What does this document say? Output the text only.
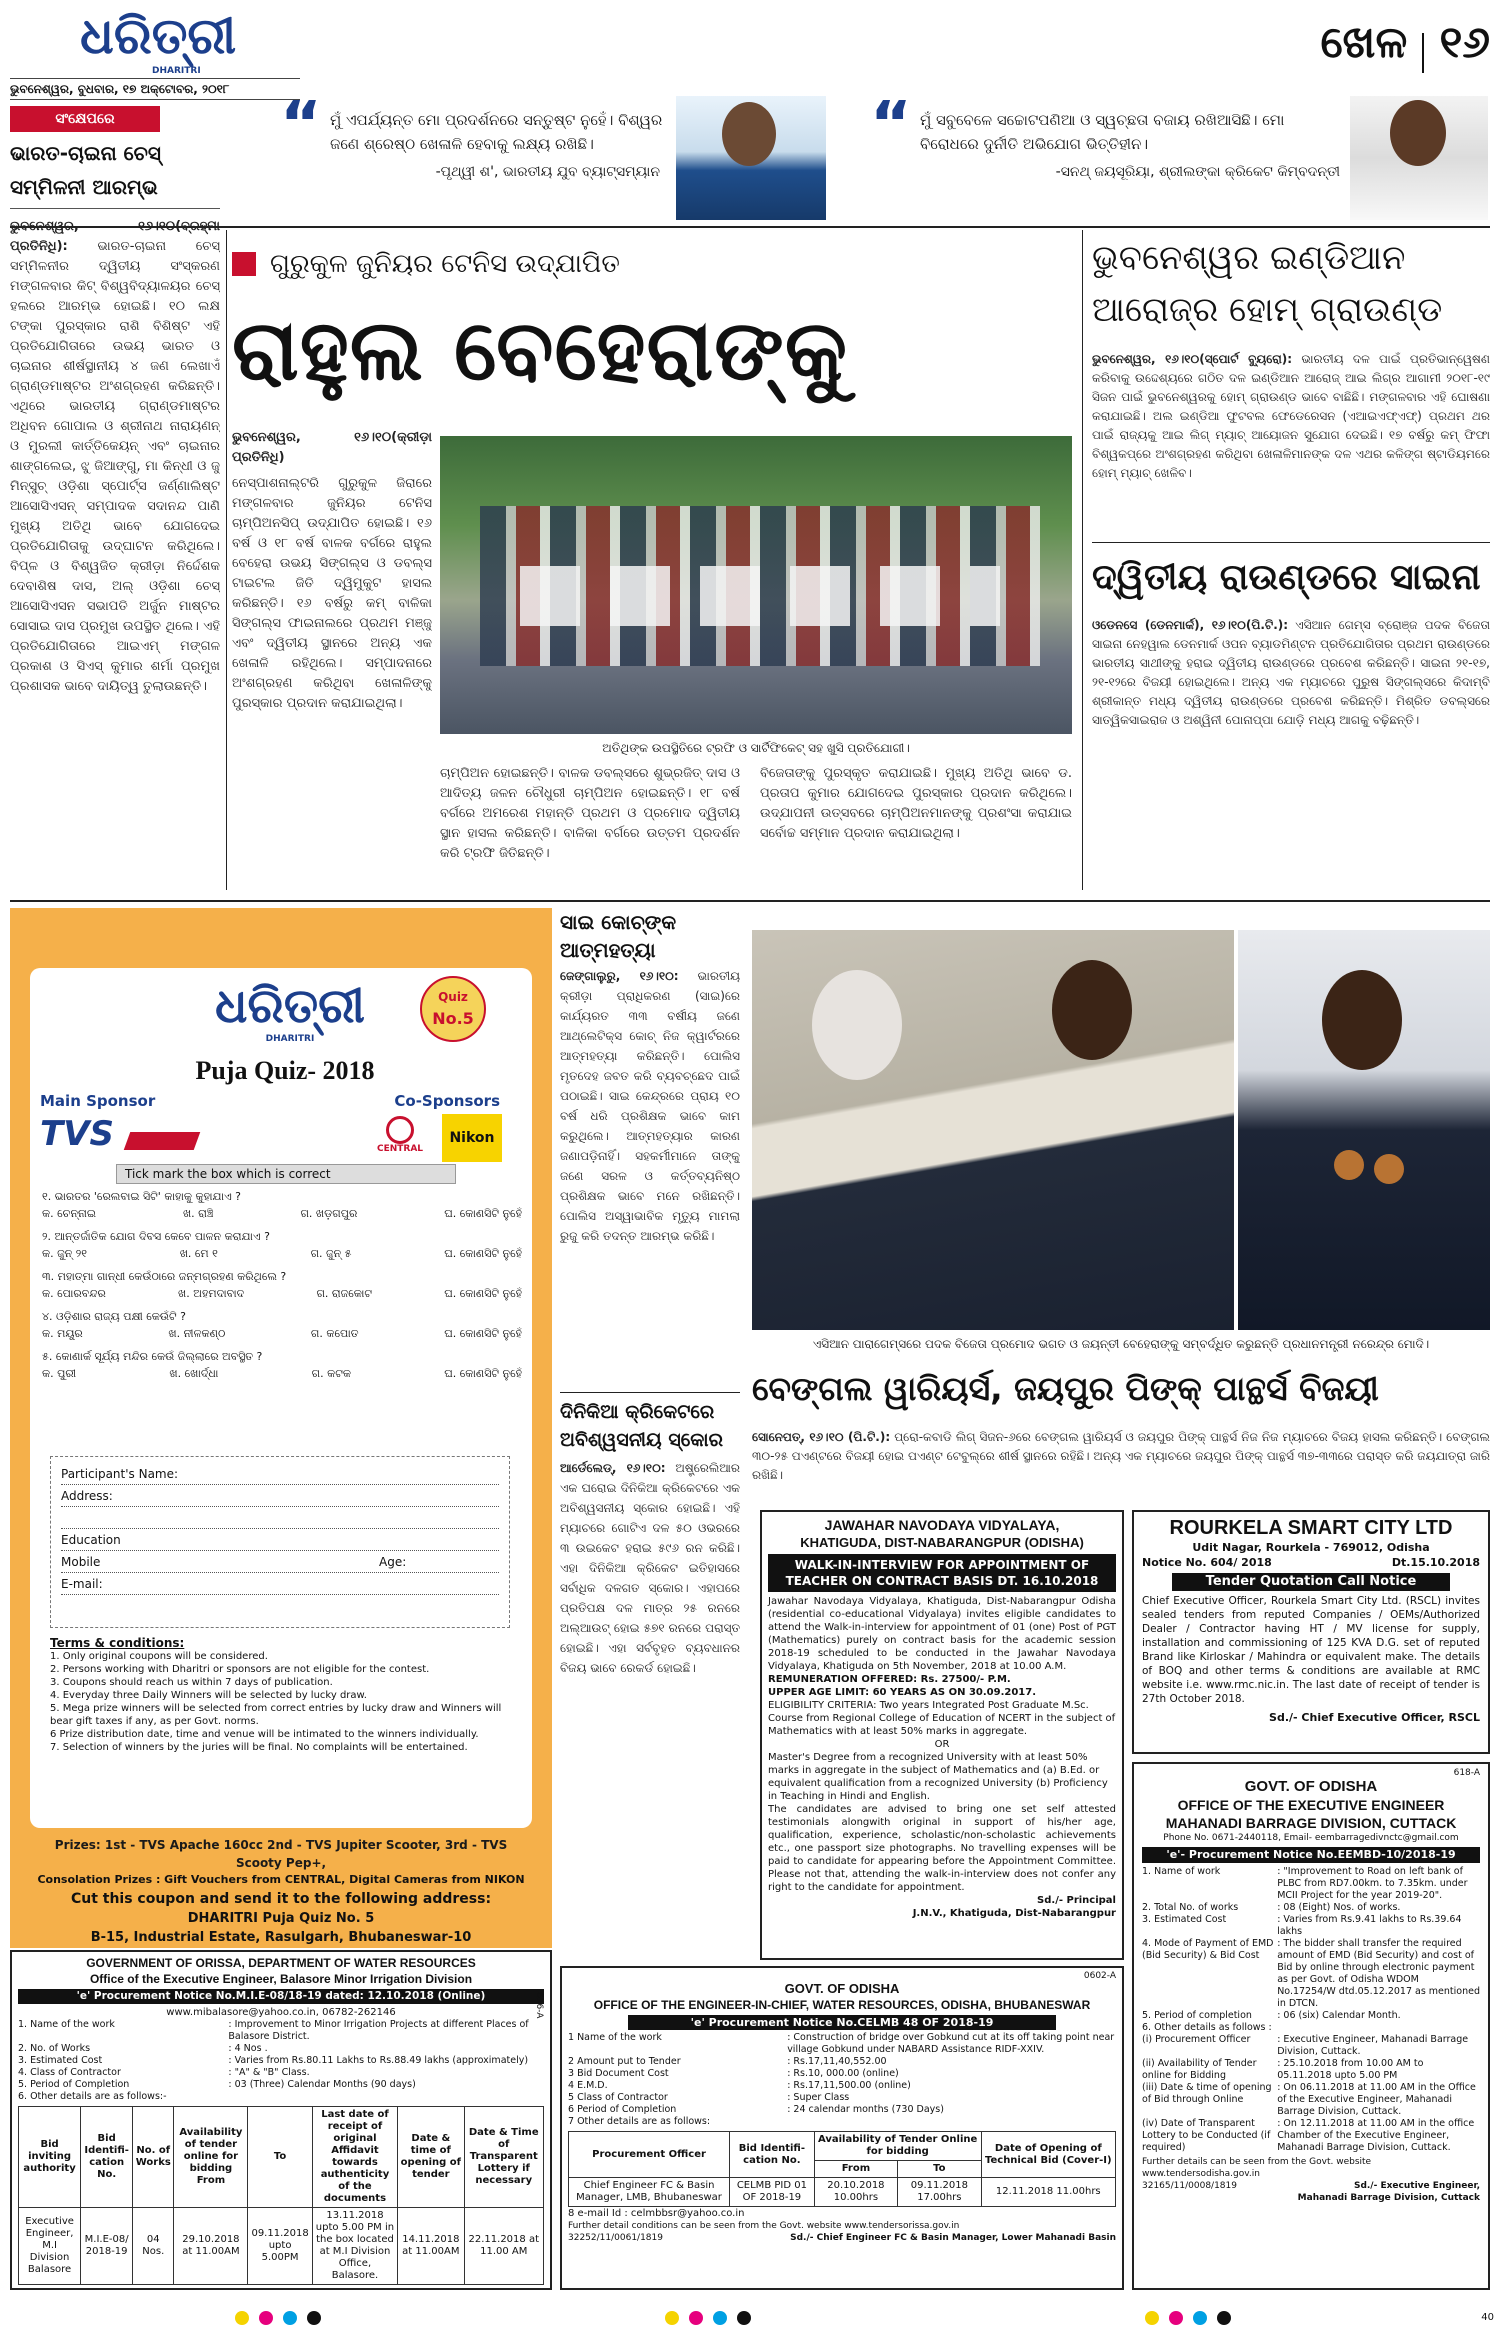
ଧରିତ୍ରୀ
DHARITRI
ଭୁବନେଶ୍ୱର, ବୁଧବାର, ୧୭ ଅକ୍ଟୋବର, ୨୦୧୮
ସଂକ୍ଷେପରେ	“ ମୁଁ ଏପର୍ଯ୍ୟନ୍ତ ମୋ ପ୍ରଦର୍ଶନରେ ସନ୍ତୁଷ୍ଟ ନୁହେଁ। ବିଶ୍ୱର ଜଣେ ଶ୍ରେଷ୍ଠ ଖେଳାଳି ହେବାକୁ ଲକ୍ଷ୍ୟ ରଖିଛି।
-ପୃଥ୍ୱୀ ଶ', ଭାରତୀୟ ଯୁବ ବ୍ୟାଟ୍ସମ୍ୟାନ
“ ମୁଁ ସବୁବେଳେ ସଚ୍ଚୋଟପଣିଆ ଓ ସ୍ୱଚ୍ଛତା ବଜାୟ ରଖିଆସିଛି। ମୋ ବିରୋଧରେ ଦୁର୍ନୀତି ଅଭିଯୋଗ ଭିତ୍ତିହୀନ।
-ସନଥ୍ ଜୟସୂରିୟା, ଶ୍ରୀଲଙ୍କା କ୍ରିକେଟ କିମ୍ବଦନ୍ତୀ
ଖେଳ ୧୬
ଭାରତ-ଚାଇନା ଚେସ୍ ସମ୍ମିଳନୀ ଆରମ୍ଭ
ଭୁବନେଶ୍ୱର, ୧୬।୧୦(ବ୍ରହ୍ମା ପ୍ରତିନିଧି): ଭାରତ-ଚାଇନା ଚେସ୍ ସମ୍ମିଳନୀର ଦ୍ୱିତୀୟ ସଂସ୍କରଣ ମଙ୍ଗଳବାର କିଟ୍ ବିଶ୍ୱବିଦ୍ୟାଳୟର ଚେସ୍ ହଲରେ ଆରମ୍ଭ ହୋଇଛି। ୧୦ ଲକ୍ଷ ଟଙ୍କା ପୁରସ୍କାର ରାଶି ବିଶିଷ୍ଟ ଏହି ପ୍ରତିଯୋଗିତାରେ ଉଭୟ ଭାରତ ଓ ଚାଇନାର ଶୀର୍ଷସ୍ଥାନୀୟ ୪ ଜଣ ଲେଖାଏଁ ଗ୍ରାଣ୍ଡମାଷ୍ଟର ଅଂଶଗ୍ରହଣ କରିଛନ୍ତି। ଏଥିରେ ଭାରତୀୟ ଗ୍ରାଣ୍ଡମାଷ୍ଟର ଅଧିବନ ଗୋପାଲ ଓ ଶ୍ରୀନାଥ ନାରାୟଣନ୍ ଓ ମୁରଲୀ କାର୍ତ୍ତିକେୟନ୍ ଏବଂ ଚାଇନାର ଶାଙ୍ଗଲେଇ, ଝୁ ଜିଆଙ୍ଗୁ, ମା କିନ୍ଧୀ ଓ ଜୁ ମିନ୍ସୁଚ୍ ଓଡ଼ିଶା ସ୍ପୋର୍ଟ୍ସ ଜର୍ଣ୍ଣାଲିଷ୍ଟ ଆସୋସିଏସନ୍ ସମ୍ପାଦକ ସଦାନନ୍ଦ ପାଣି ମୁଖ୍ୟ ଅତିଥି ଭାବେ ଯୋଗଦେଇ ପ୍ରତିଯୋଗିତାକୁ ଉଦ୍‌ଘାଟନ କରିଥିଲେ। ବିପ୍ଳ ଓ ବିଶ୍ୱଜିତ କ୍ରୀଡ଼ା ନିର୍ଦ୍ଦେଶକ ଦେବାଶିଷ ଦାସ, ଅଲ୍ ଓଡ଼ିଶା ଚେସ୍ ଆସୋସିଏସନ ସଭାପତି ଅର୍ଜୁନ ମାଷ୍ଟର ସୋସାଇ ଦାସ ପ୍ରମୁଖ ଉପସ୍ଥିତ ଥିଲେ। ଏହି ପ୍ରତିଯୋଗିତାରେ ଆଇଏମ୍ ମଙ୍ଗଳ ପ୍ରକାଶ ଓ ସିଏସ୍ କୁମାର ଶର୍ମା ପ୍ରମୁଖ ପ୍ରଶାସକ ଭାବେ ଦାୟିତ୍ୱ ତୁଲାଉଛନ୍ତି।
ଗୁରୁକୁଳ ଜୁନିୟର ଟେନିସ ଉଦ୍‌ଯାପିତ
ରାହୁଲ ବେହେରାଙ୍କୁ
ଭୁବନେଶ୍ୱର, ୧୬।୧୦(କ୍ରୀଡ଼ା ପ୍ରତିନିଧି)
ନେସ୍ପାଶନାଲ୍ଟରି ଗୁରୁକୁଳ ଜିରାରେ ମଙ୍ଗଳବାର ଜୁନିୟର ଟେନିସ ଚାମ୍ପିଅନସିପ୍ ଉଦ୍‌ଯାପିତ ହୋଇଛି। ୧୬ ବର୍ଷ ଓ ୧୮ ବର୍ଷ ବାଳକ ବର୍ଗରେ ରାହୁଲ ବେହେରା ଉଭୟ ସିଙ୍ଗଲ୍ସ ଓ ଡବଲ୍ସ ଟାଇଟଲ ଜିତି ଦ୍ୱିମୁକୁଟ ହାସଲ କରିଛନ୍ତି। ୧୬ ବର୍ଷରୁ କମ୍ ବାଳିକା ସିଙ୍ଗଲ୍ସ ଫାଇନାଲରେ ପ୍ରଥମ ମଞ୍ଜୁ ଏବଂ ଦ୍ୱିତୀୟ ସ୍ଥାନରେ ଅନ୍ୟ ଏକ ଖେଳାଳି ରହିଥିଲେ। ସମ୍ପାଦନାରେ ଅଂଶଗ୍ରହଣ କରିଥିବା ଖେଳାଳିଙ୍କୁ ପୁରସ୍କାର ପ୍ରଦାନ କରାଯାଇଥିଲା।
ଅତିଥିଙ୍କ ଉପସ୍ଥିତିରେ ଟ୍ରଫି ଓ ସାର୍ଟିଫିକେଟ୍ ସହ ଖୁସି ପ୍ରତିଯୋଗୀ।
ଚାମ୍ପିଅନ ହୋଇଛନ୍ତି। ବାଳକ ଡବଲ୍ସରେ ଶୁଭ୍ରଜିତ୍ ଦାସ ଓ ଆଦିତ୍ୟ ଜଳନ ଚୌଧୁରୀ ଚାମ୍ପିଅନ ହୋଇଛନ୍ତି। ୧୮ ବର୍ଷ ବର୍ଗରେ ଅମରେଶ ମହାନ୍ତି ପ୍ରଥମ ଓ ପ୍ରମୋଦ ଦ୍ୱିତୀୟ ସ୍ଥାନ ହାସଲ କରିଛନ୍ତି। ବାଳିକା ବର୍ଗରେ ଉତ୍ତମ ପ୍ରଦର୍ଶନ କରି ଟ୍ରଫି ଜିତିଛନ୍ତି।
ବିଜେତାଙ୍କୁ ପୁରସ୍କୃତ କରାଯାଇଛି। ମୁଖ୍ୟ ଅତିଥି ଭାବେ ଡ. ପ୍ରତାପ କୁମାର ଯୋଗଦେଇ ପୁରସ୍କାର ପ୍ରଦାନ କରିଥିଲେ। ଉଦ୍‌ଯାପନୀ ଉତ୍ସବରେ ଚାମ୍ପିଅନମାନଙ୍କୁ ପ୍ରଶଂସା କରାଯାଇ ସର୍ବୋଚ୍ଚ ସମ୍ମାନ ପ୍ରଦାନ କରାଯାଇଥିଲା।
ଭୁବନେଶ୍ୱର ଇଣ୍ଡିଆନ ଆରୋଜ୍‌ର ହୋମ୍ ଗ୍ରାଉଣ୍ଡ
ଭୁବନେଶ୍ୱର, ୧୬।୧୦(ସ୍ପୋର୍ଟ ବ୍ୟୁରୋ): ଭାରତୀୟ ଦଳ ପାଇଁ ପ୍ରତିଭାନ୍ୱେଷଣ କରିବାକୁ ଉଦ୍ଦେଶ୍ୟରେ ଗଠିତ ଦଳ ଇଣ୍ଡିଆନ ଆରୋଜ୍ ଆଇ ଲିଗ୍‌ର ଆଗାମୀ ୨୦୧୮-୧୯ ସିଜନ ପାଇଁ ଭୁବନେଶ୍ୱରକୁ ହୋମ୍ ଗ୍ରାଉଣ୍ଡ ଭାବେ ବାଛିଛି। ମଙ୍ଗଳବାର ଏହି ଘୋଷଣା କରାଯାଇଛି। ଅଲ ଇଣ୍ଡିଆ ଫୁଟବଲ ଫେଡେରେସନ (ଏଆଇଏଫ୍‌ଏଫ୍) ପ୍ରଥମ ଥର ପାଇଁ ରାଜ୍ୟକୁ ଆଇ ଲିଗ୍ ମ୍ୟାଚ୍ ଆୟୋଜନ ସୁଯୋଗ ଦେଇଛି। ୧୭ ବର୍ଷରୁ କମ୍ ଫିଫା ବିଶ୍ୱକପ୍‌ରେ ଅଂଶଗ୍ରହଣ କରିଥିବା ଖେଳାଳିମାନଙ୍କ ଦଳ ଏଥର କଳିଙ୍ଗ ଷ୍ଟାଡିୟମରେ ହୋମ୍ ମ୍ୟାଚ୍ ଖେଳିବ।
ଦ୍ୱିତୀୟ ରାଉଣ୍ଡରେ ସାଇନା
ଓଡେନସେ (ଡେନମାର୍କ), ୧୬।୧୦(ପି.ଟି.): ଏସିଆନ ଗେମ୍ସ ବ୍ରୋଞ୍ଜ ପଦକ ବିଜେତା ସାଇନା ନେହୱାଲ ଡେନମାର୍କ ଓପନ ବ୍ୟାଡମିଣ୍ଟନ ପ୍ରତିଯୋଗିତାର ପ୍ରଥମ ରାଉଣ୍ଡରେ ଭାରତୀୟ ସାଥୀଙ୍କୁ ହରାଇ ଦ୍ୱିତୀୟ ରାଉଣ୍ଡରେ ପ୍ରବେଶ କରିଛନ୍ତି। ସାଇନା ୨୧-୧୭, ୨୧-୧୨ରେ ବିଜୟୀ ହୋଇଥିଲେ। ଅନ୍ୟ ଏକ ମ୍ୟାଚରେ ପୁରୁଷ ସିଙ୍ଗଲ୍ସରେ କିଦାମ୍ବି ଶ୍ରୀକାନ୍ତ ମଧ୍ୟ ଦ୍ୱିତୀୟ ରାଉଣ୍ଡରେ ପ୍ରବେଶ କରିଛନ୍ତି। ମିଶ୍ରିତ ଡବଲ୍ସରେ ସାତ୍ୱିକସାଇରାଜ ଓ ଅଶ୍ୱିନୀ ପୋନାପ୍ପା ଯୋଡ଼ି ମଧ୍ୟ ଆଗକୁ ବଢ଼ିଛନ୍ତି।
ଧରିତ୍ରୀ
DHARITRI
Quiz
No.5
Puja Quiz- 2018
Main Sponsor	Co-Sponsors
TVS	CENTRAL
Nikon
Tick mark the box which is correct
୧. ଭାରତର 'ରେଲବାଇ ସିଟି' କାହାକୁ କୁହାଯାଏ ?
କ. ଚେନ୍ନାଇ	ଖ. ରାଞ୍ଚି	ଗ. ଖଡ଼ଗପୁର	ଘ. କୋଣସିଟି ନୁହେଁ
୨. ଆନ୍ତର୍ଜାତିକ ଯୋଗ ଦିବସ କେବେ ପାଳନ କରାଯାଏ ?
କ. ଜୁନ୍ ୨୧	ଖ. ମେ ୧	ଗ. ଜୁନ୍ ୫	ଘ. କୋଣସିଟି ନୁହେଁ
୩. ମହାତ୍ମା ଗାନ୍ଧୀ କେଉଁଠାରେ ଜନ୍ମଗ୍ରହଣ କରିଥିଲେ ?
କ. ପୋରବନ୍ଦର	ଖ. ଅହମଦାବାଦ	ଗ. ରାଜକୋଟ	ଘ. କୋଣସିଟି ନୁହେଁ
୪. ଓଡ଼ିଶାର ରାଜ୍ୟ ପକ୍ଷୀ କେଉଁଟି ?
କ. ମୟୂର	ଖ. ନୀଳକଣ୍ଠ	ଗ. କପୋତ	ଘ. କୋଣସିଟି ନୁହେଁ
୫. କୋଣାର୍କ ସୂର୍ଯ୍ୟ ମନ୍ଦିର କେଉଁ ଜିଲ୍ଲାରେ ଅବସ୍ଥିତ ?
କ. ପୁରୀ	ଖ. ଖୋର୍ଦ୍ଧା	ଗ. କଟକ	ଘ. କୋଣସିଟି ନୁହେଁ
Participant's Name:
Address:
Education
Mobile	Age:
E-mail:
Terms & conditions:
1. Only original coupons will be considered.
2. Persons working with Dharitri or sponsors are not eligible for the contest.
3. Coupons should reach us within 7 days of publication.
4. Everyday three Daily Winners will be selected by lucky draw.
5. Mega prize winners will be selected from correct entries by lucky draw and Winners will bear gift taxes if any, as per Govt. norms.
6 Prize distribution date, time and venue will be intimated to the winners individually.
7. Selection of winners by the juries will be final. No complaints will be entertained.
Prizes: 1st - TVS Apache 160cc 2nd - TVS Jupiter Scooter, 3rd - TVS Scooty Pep+,
Consolation Prizes : Gift Vouchers from CENTRAL, Digital Cameras from NIKON
Cut this coupon and send it to the following address:
DHARITRI Puja Quiz No. 5
B-15, Industrial Estate, Rasulgarh, Bhubaneswar-10
ସାଇ କୋଚ୍‌ଙ୍କ ଆତ୍ମହତ୍ୟା
ଜେଙ୍ଗାଲୁରୁ, ୧୬।୧୦: ଭାରତୀୟ କ୍ରୀଡ଼ା ପ୍ରାଧିକରଣ (ସାଇ)ରେ କାର୍ଯ୍ୟରତ ୩୩ ବର୍ଷୀୟ ଜଣେ ଆଥ୍‌ଲେଟିକ୍ସ କୋଚ୍ ନିଜ କ୍ୱାର୍ଟରରେ ଆତ୍ମହତ୍ୟା କରିଛନ୍ତି। ପୋଲିସ ମୃତଦେହ ଜବତ କରି ବ୍ୟବଚ୍ଛେଦ ପାଇଁ ପଠାଇଛି। ସାଇ କେନ୍ଦ୍ରରେ ପ୍ରାୟ ୧୦ ବର୍ଷ ଧରି ପ୍ରଶିକ୍ଷକ ଭାବେ କାମ କରୁଥିଲେ। ଆତ୍ମହତ୍ୟାର କାରଣ ଜଣାପଡ଼ିନାହିଁ। ସହକର୍ମୀମାନେ ତାଙ୍କୁ ଜଣେ ସରଳ ଓ କର୍ତ୍ତବ୍ୟନିଷ୍ଠ ପ୍ରଶିକ୍ଷକ ଭାବେ ମନେ ରଖିଛନ୍ତି। ପୋଲିସ ଅସ୍ୱାଭାବିକ ମୃତ୍ୟୁ ମାମଲା ରୁଜୁ କରି ତଦନ୍ତ ଆରମ୍ଭ କରିଛି।
ଦିନିକିଆ କ୍ରିକେଟରେ ଅବିଶ୍ୱସନୀୟ ସ୍କୋର
ଆର୍ଡେଲେଡ୍, ୧୬।୧୦: ଅଷ୍ଟ୍ରେଲିଆର ଏକ ଘରୋଇ ଦିନିକିଆ କ୍ରିକେଟରେ ଏକ ଅବିଶ୍ୱସନୀୟ ସ୍କୋର ହୋଇଛି। ଏହି ମ୍ୟାଚରେ ଗୋଟିଏ ଦଳ ୫୦ ଓଭରରେ ୩ ଉଇକେଟ ହରାଇ ୫୯୬ ରନ କରିଛି। ଏହା ଦିନିକିଆ କ୍ରିକେଟ ଇତିହାସରେ ସର୍ବାଧିକ ଦଳଗତ ସ୍କୋର। ଏହାପରେ ପ୍ରତିପକ୍ଷ ଦଳ ମାତ୍ର ୨୫ ରନରେ ଅଲ୍‌ଆଉଟ୍ ହୋଇ ୫୭୧ ରନରେ ପରାସ୍ତ ହୋଇଛି। ଏହା ସର୍ବବୃହତ ବ୍ୟବଧାନର ବିଜୟ ଭାବେ ରେକର୍ଡ ହୋଇଛି।
ଏସିଆନ ପାରାଗେମ୍ସରେ ପଦକ ବିଜେତା ପ୍ରମୋଦ ଭଗତ ଓ ଜୟନ୍ତୀ ବେହେରାଙ୍କୁ ସମ୍ବର୍ଦ୍ଧିତ କରୁଛନ୍ତି ପ୍ରଧାନମନ୍ତ୍ରୀ ନରେନ୍ଦ୍ର ମୋଦି।
ବେଙ୍ଗଲ ୱାରିୟର୍ସ, ଜୟପୁର ପିଙ୍କ୍ ପାନ୍ଥର୍ସ ବିଜୟୀ
ସୋନେପତ୍, ୧୬।୧୦ (ପି.ଟି.): ପ୍ରୋ-କବାଡି ଲିଗ୍ ସିଜନ-୬ରେ ବେଙ୍ଗଲ ୱାରିୟର୍ସ ଓ ଜୟପୁର ପିଙ୍କ୍ ପାନ୍ଥର୍ସ ନିଜ ନିଜ ମ୍ୟାଚରେ ବିଜୟ ହାସଲ କରିଛନ୍ତି। ବେଙ୍ଗଲ ୩୦-୨୫ ପଏଣ୍ଟରେ ବିଜୟୀ ହୋଇ ପଏଣ୍ଟ ଟେବୁଲ୍‌ରେ ଶୀର୍ଷ ସ୍ଥାନରେ ରହିଛି। ଅନ୍ୟ ଏକ ମ୍ୟାଚରେ ଜୟପୁର ପିଙ୍କ୍ ପାନ୍ଥର୍ସ ୩୭-୩୩ରେ ପରାସ୍ତ କରି ଜୟଯାତ୍ରା ଜାରି ରଖିଛି।
JAWAHAR NAVODAYA VIDYALAYA,
KHATIGUDA, DIST-NABARANGPUR (ODISHA)
WALK-IN-INTERVIEW FOR APPOINTMENT OF TEACHER ON CONTRACT BASIS DT. 16.10.2018
Jawahar Navodaya Vidyalaya, Khatiguda, Dist-Nabarangpur Odisha (residential co-educational Vidyalaya) invites eligible candidates to attend the Walk-in-interview for appointment of 01 (one) Post of PGT (Mathematics) purely on contract basis for the academic session 2018-19 scheduled to be conducted in the Jawahar Navodaya Vidyalaya, Khatiguda on 5th November, 2018 at 10.00 A.M.
REMUNERATION OFFERED: Rs. 27500/- P.M.
UPPER AGE LIMIT: 60 YEARS AS ON 30.09.2017.
ELIGIBILITY CRITERIA: Two years Integrated Post Graduate M.Sc. Course from Regional College of Education of NCERT in the subject of Mathematics with at least 50% marks in aggregate.
OR
Master's Degree from a recognized University with at least 50% marks in aggregate in the subject of Mathematics and (a) B.Ed. or equivalent qualification from a recognized University (b) Proficiency in Teaching in Hindi and English.
The candidates are advised to bring one set self attested testimonials alongwith original in support of his/her age, qualification, experience, scholastic/non-scholastic achievements etc., one passport size photographs. No travelling expenses will be paid to candidate for appearing before the Appointment Committee. Please not that, attending the walk-in-interview does not confer any right to the candidate for appointment.
Sd./- Principal
J.N.V., Khatiguda, Dist-Nabarangpur
ROURKELA SMART CITY LTD
Udit Nagar, Rourkela - 769012, Odisha
Notice No. 604/ 2018	Dt.15.10.2018
Tender Quotation Call Notice
Chief Executive Officer, Rourkela Smart City Ltd. (RSCL) invites sealed tenders from reputed Companies / OEMs/Authorized Dealer / Contractor having HT / MV license for supply, installation and commissioning of 125 KVA D.G. set of reputed Brand like Kirloskar / Mahindra or equivalent make. The details of BOQ and other terms & conditions are available at RMC website i.e. www.rmc.nic.in. The last date of receipt of tender is 27th October 2018.
Sd./- Chief Executive Officer, RSCL
618-A
GOVT. OF ODISHA
OFFICE OF THE EXECUTIVE ENGINEER
MAHANADI BARRAGE DIVISION, CUTTACK
Phone No. 0671-2440118, Email- eembarragedivnctc@gmail.com
'e'- Procurement Notice No.EEMBD-10/2018-19
1. Name of work	: "Improvement to Road on left bank of PLBC from RD7.00km. to 7.35km. under MCII Project for the year 2019-20".
2. Total No. of works	: 08 (Eight) Nos. of works.
3. Estimated Cost	: Varies from Rs.9.41 lakhs to Rs.39.64 lakhs
4. Mode of Payment of EMD (Bid Security) & Bid Cost
: The bidder shall transfer the required amount of EMD (Bid Security) and cost of Bid by online through electronic payment as per Govt. of Odisha WDOM No.17254/W dtd.05.12.2017 as mentioned in DTCN.
5. Period of completion	: 06 (six) Calendar Month.
6. Other details as follows :
(i) Procurement Officer	: Executive Engineer, Mahanadi Barrage Division, Cuttack.
(ii) Availability of Tender online for Bidding
: 25.10.2018 from 10.00 AM to 05.11.2018 upto 5.00 PM
(iii) Date & time of opening of Bid through Online
: On 06.11.2018 at 11.00 AM in the Office of the Executive Engineer, Mahanadi Barrage Division, Cuttack.
(iv) Date of Transparent Lottery to be Conducted (if required)
: On 12.11.2018 at 11.00 AM in the office Chamber of the Executive Engineer, Mahanadi Barrage Division, Cuttack.
Further details can be seen from the Govt. website www.tendersodisha.gov.in
32165/11/0008/1819	Sd./- Executive Engineer,
Mahanadi Barrage Division, Cuttack
0602-A
GOVT. OF ODISHA
OFFICE OF THE ENGINEER-IN-CHIEF, WATER RESOURCES, ODISHA, BHUBANESWAR
'e' Procurement Notice No.CELMB 48 OF 2018-19
1 Name of the work	: Construction of bridge over Gobkund cut at its off taking point near village Gobkund under NABARD Assistance RIDF-XXIV.
2 Amount put to Tender	: Rs.17,11,40,552.00
3 Bid Document Cost	: Rs.10, 000.00 (online)
4 E.M.D.	: Rs.17,11,500.00 (online)
5 Class of Contractor	: Super Class
6 Period of Completion	: 24 calendar months (730 Days)
7 Other details are as follows:
Procurement Officer	Bid Identifi-cation No.	Availability of Tender Online for bidding		Date of Opening of Technical Bid (Cover-I)
		From	To	
Chief Engineer FC & Basin Manager, LMB, Bhubaneswar	CELMB PID 01 OF 2018-19	20.10.2018 10.00hrs	09.11.2018 17.00hrs	12.11.2018 11.00hrs
8 e-mail Id : celmbbsr@yahoo.co.in
Further detail conditions can be seen from the Govt. website www.tendersorissa.gov.in
32252/11/0061/1819	Sd./- Chief Engineer FC & Basin Manager, Lower Mahanadi Basin
616-A
GOVERNMENT OF ORISSA, DEPARTMENT OF WATER RESOURCES
Office of the Executive Engineer, Balasore Minor Irrigation Division
'e' Procurement Notice No.M.I.E-08/18-19 dated: 12.10.2018 (Online)
www.mibalasore@yahoo.co.in, 06782-262146
1. Name of the work	: Improvement to Minor Irrigation Projects at different Places of Balasore District.
2. No. of Works	: 4 Nos .
3. Estimated Cost	: Varies from Rs.80.11 Lakhs to Rs.88.49 lakhs (approximately)
4. Class of Contractor	: "A" & "B" Class.
5. Period of Completion	: 03 (Three) Calendar Months (90 days)
6. Other details are as follows:-
Bid inviting authority	Bid Identifi-cation No.	No. of Works	Availability of tender online for bidding From	To	Last date of receipt of original Affidavit towards authenticity of the documents	Date & time of opening of tender	Date & Time of Transparent Lottery if necessary
Executive Engineer, M.I Division Balasore	M.I.E-08/ 2018-19	04 Nos.	29.10.2018 at 11.00AM	09.11.2018 upto 5.00PM	13.11.2018 upto 5.00 PM in the box located at M.I Division Office, Balasore.	14.11.2018 at 11.00AM	22.11.2018 at 11.00 AM
40
